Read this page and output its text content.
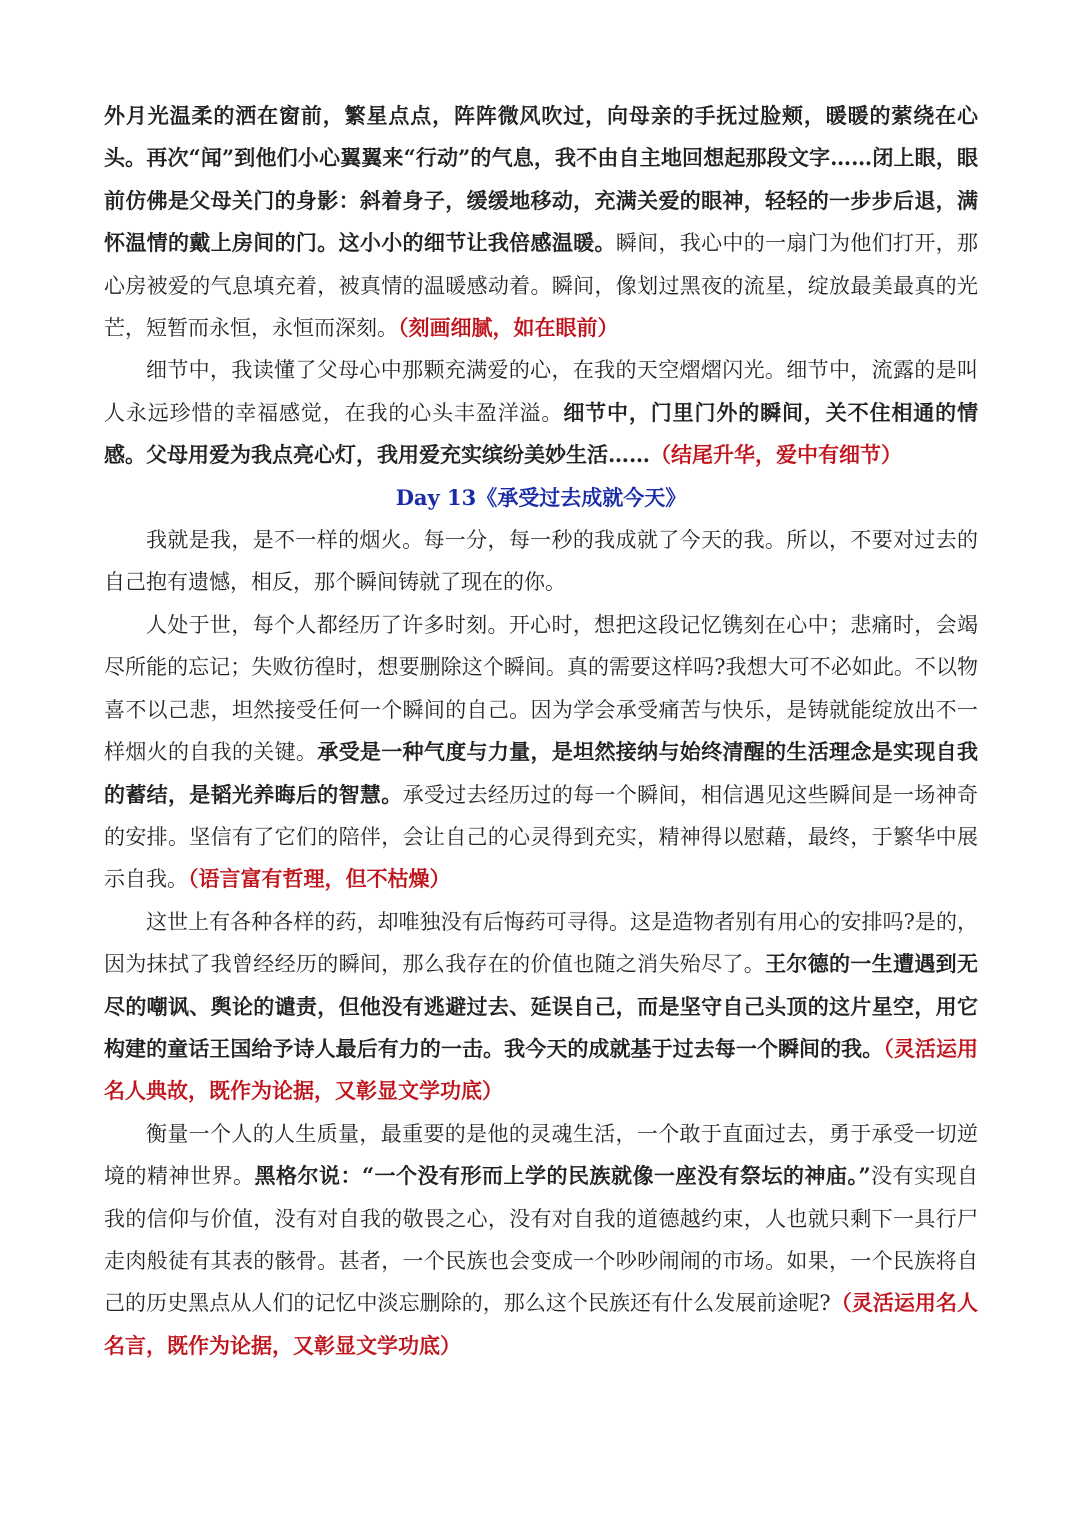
外月光温柔的洒在窗前，繁星点点，阵阵微风吹过，向母亲的手抚过脸颊，暖暖的萦绕在心头。再次“闻”到他们小心翼翼来“行动”的气息，我不由自主地回想起那段文字……闭上眼，眼前仿佛是父母关门的身影：斜着身子，缓缓地移动，充满关爱的眼神，轻轻的一步步后退，满怀温情的戴上房间的门。这小小的细节让我倍感温暖。瞬间，我心中的一扇门为他们打开，那心房被爱的气息填充着，被真情的温暖感动着。瞬间，像划过黑夜的流星，绽放最美最真的光芒，短暂而永恒，永恒而深刻。（刻画细腻，如在眼前）

细节中，我读懂了父母心中那颗充满爱的心，在我的天空熠熠闪光。细节中，流露的是叫人永远珍惜的幸福感觉，在我的心头丰盈洋溢。细节中，门里门外的瞬间，关不住相通的情感。父母用爱为我点亮心灯，我用爱充实缤纷美妙生活……（结尾升华，爱中有细节）

Day 13《承受过去成就今天》

我就是我，是不一样的烟火。每一分，每一秒的我成就了今天的我。所以，不要对过去的自己抱有遗憾，相反，那个瞬间铸就了现在的你。

人处于世，每个人都经历了许多时刻。开心时，想把这段记忆镌刻在心中；悲痛时，会竭尽所能的忘记；失败彷徨时，想要删除这个瞬间。真的需要这样吗?我想大可不必如此。不以物喜不以己悲，坦然接受任何一个瞬间的自己。因为学会承受痛苦与快乐，是铸就能绽放出不一样烟火的自我的关键。承受是一种气度与力量，是坦然接纳与始终清醒的生活理念是实现自我的蓄结，是韬光养晦后的智慧。承受过去经历过的每一个瞬间，相信遇见这些瞬间是一场神奇的安排。坚信有了它们的陪伴，会让自己的心灵得到充实，精神得以慰藉，最终，于繁华中展示自我。（语言富有哲理，但不枯燥）

这世上有各种各样的药，却唯独没有后悔药可寻得。这是造物者别有用心的安排吗?是的，因为抹拭了我曾经经历的瞬间，那么我存在的价值也随之消失殆尽了。王尔德的一生遭遇到无尽的嘲讽、舆论的谴责，但他没有逃避过去、延误自己，而是坚守自己头顶的这片星空，用它构建的童话王国给予诗人最后有力的一击。我今天的成就基于过去每一个瞬间的我。（灵活运用名人典故，既作为论据，又彰显文学功底）

衡量一个人的人生质量，最重要的是他的灵魂生活，一个敢于直面过去，勇于承受一切逆境的精神世界。黑格尔说：“一个没有形而上学的民族就像一座没有祭坛的神庙。”没有实现自我的信仰与价值，没有对自我的敬畏之心，没有对自我的道德越约束，人也就只剩下一具行尸走肉般徒有其表的骸骨。甚者，一个民族也会变成一个吵吵闹闹的市场。如果，一个民族将自己的历史黑点从人们的记忆中淡忘删除的，那么这个民族还有什么发展前途呢?（灵活运用名人名言，既作为论据，又彰显文学功底）
